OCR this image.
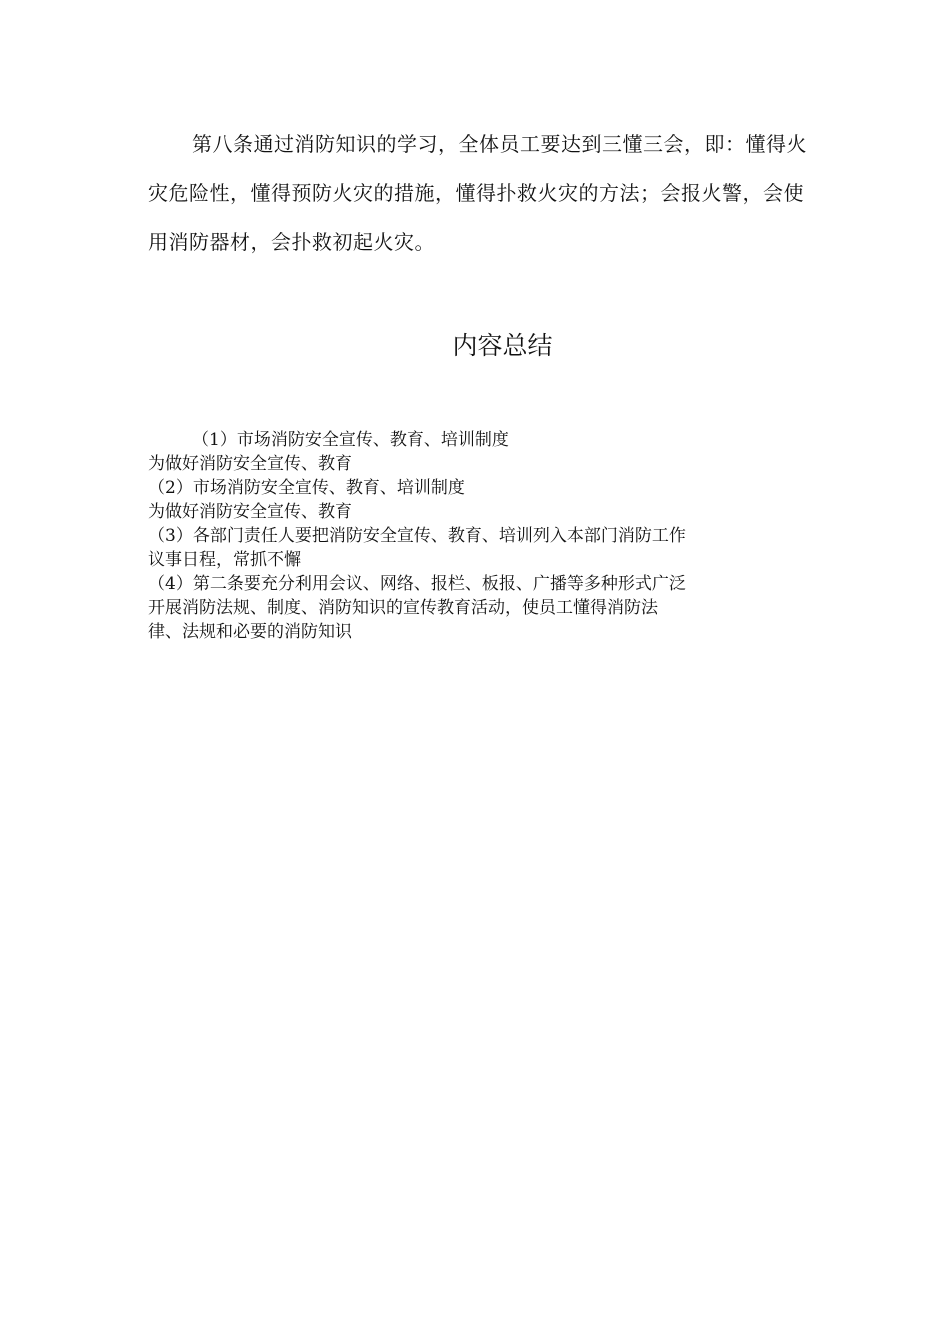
第八条通过消防知识的学习，全体员工要达到三懂三会，即：懂得火灾危险性，懂得预防火灾的措施，懂得扑救火灾的方法；会报火警，会使用消防器材，会扑救初起火灾。

内容总结
（1）市场消防安全宣传、教育、培训制度
为做好消防安全宣传、教育
（2）市场消防安全宣传、教育、培训制度
为做好消防安全宣传、教育
（3）各部门责任人要把消防安全宣传、教育、培训列入本部门消防工作
议事日程，常抓不懈
（4）第二条要充分利用会议、网络、报栏、板报、广播等多种形式广泛
开展消防法规、制度、消防知识的宣传教育活动，使员工懂得消防法
律、法规和必要的消防知识
